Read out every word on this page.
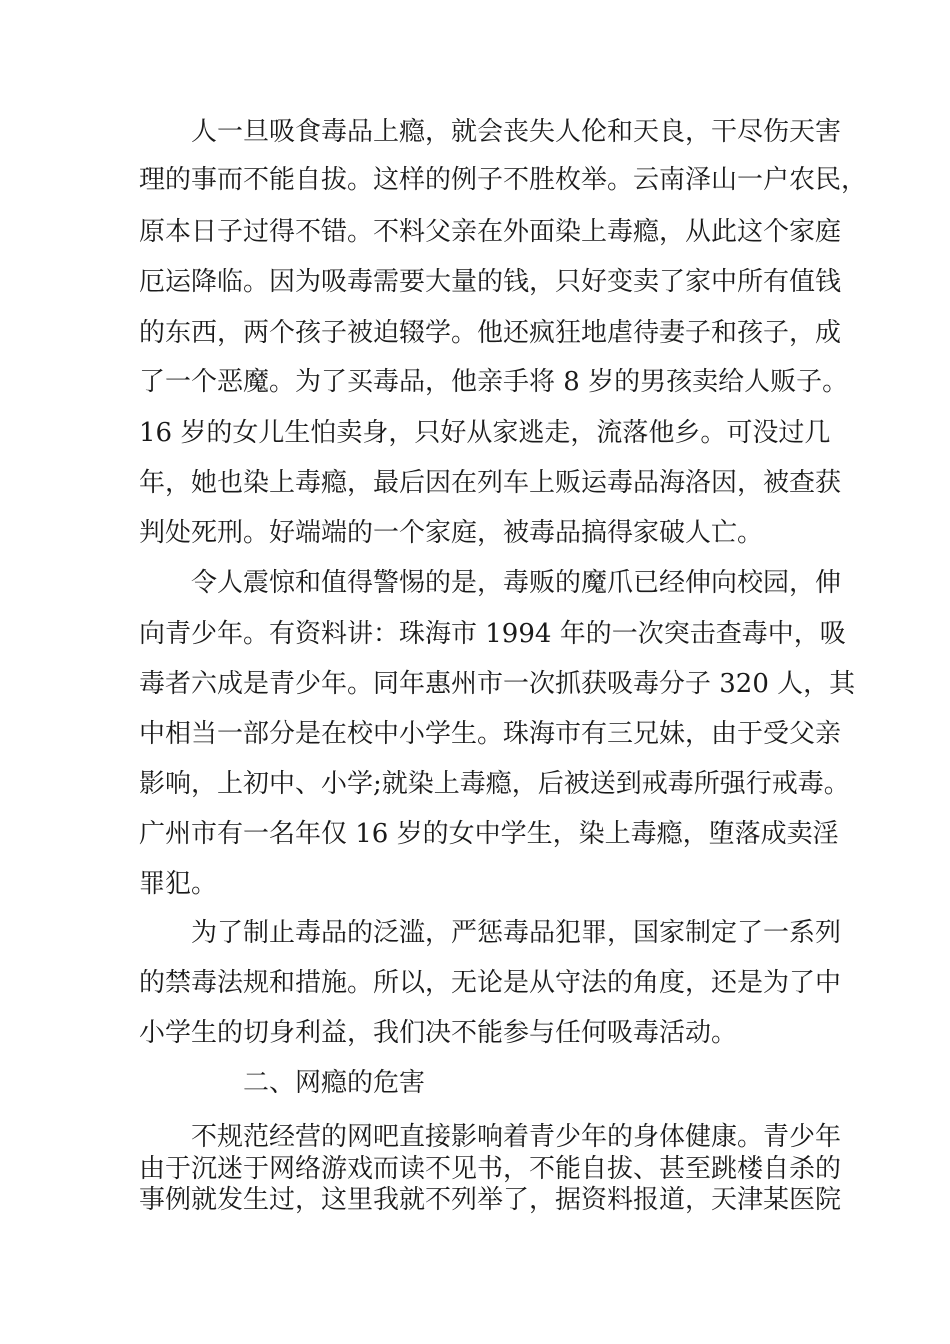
人一旦吸食毒品上瘾，就会丧失人伦和天良，干尽伤天害
理的事而不能自拔。这样的例子不胜枚举。云南泽山一户农民，
原本日子过得不错。不料父亲在外面染上毒瘾，从此这个家庭
厄运降临。因为吸毒需要大量的钱，只好变卖了家中所有值钱
的东西，两个孩子被迫辍学。他还疯狂地虐待妻子和孩子，成
了一个恶魔。为了买毒品，他亲手将 8 岁的男孩卖给人贩子。
16 岁的女儿生怕卖身，只好从家逃走，流落他乡。可没过几
年，她也染上毒瘾，最后因在列车上贩运毒品海洛因，被查获
判处死刑。好端端的一个家庭，被毒品搞得家破人亡。
令人震惊和值得警惕的是，毒贩的魔爪已经伸向校园，伸
向青少年。有资料讲：珠海市 1994 年的一次突击查毒中，吸
毒者六成是青少年。同年惠州市一次抓获吸毒分子 320 人，其
中相当一部分是在校中小学生。珠海市有三兄妹，由于受父亲
影响，上初中、小学;就染上毒瘾，后被送到戒毒所强行戒毒。
广州市有一名年仅 16 岁的女中学生，染上毒瘾，堕落成卖淫
罪犯。
为了制止毒品的泛滥，严惩毒品犯罪，国家制定了一系列
的禁毒法规和措施。所以，无论是从守法的角度，还是为了中
小学生的切身利益，我们决不能参与任何吸毒活动。
二、网瘾的危害
不规范经营的网吧直接影响着青少年的身体健康。青少年
由于沉迷于网络游戏而读不见书，不能自拔、甚至跳楼自杀的
事例就发生过，这里我就不列举了，据资料报道，天津某医院
